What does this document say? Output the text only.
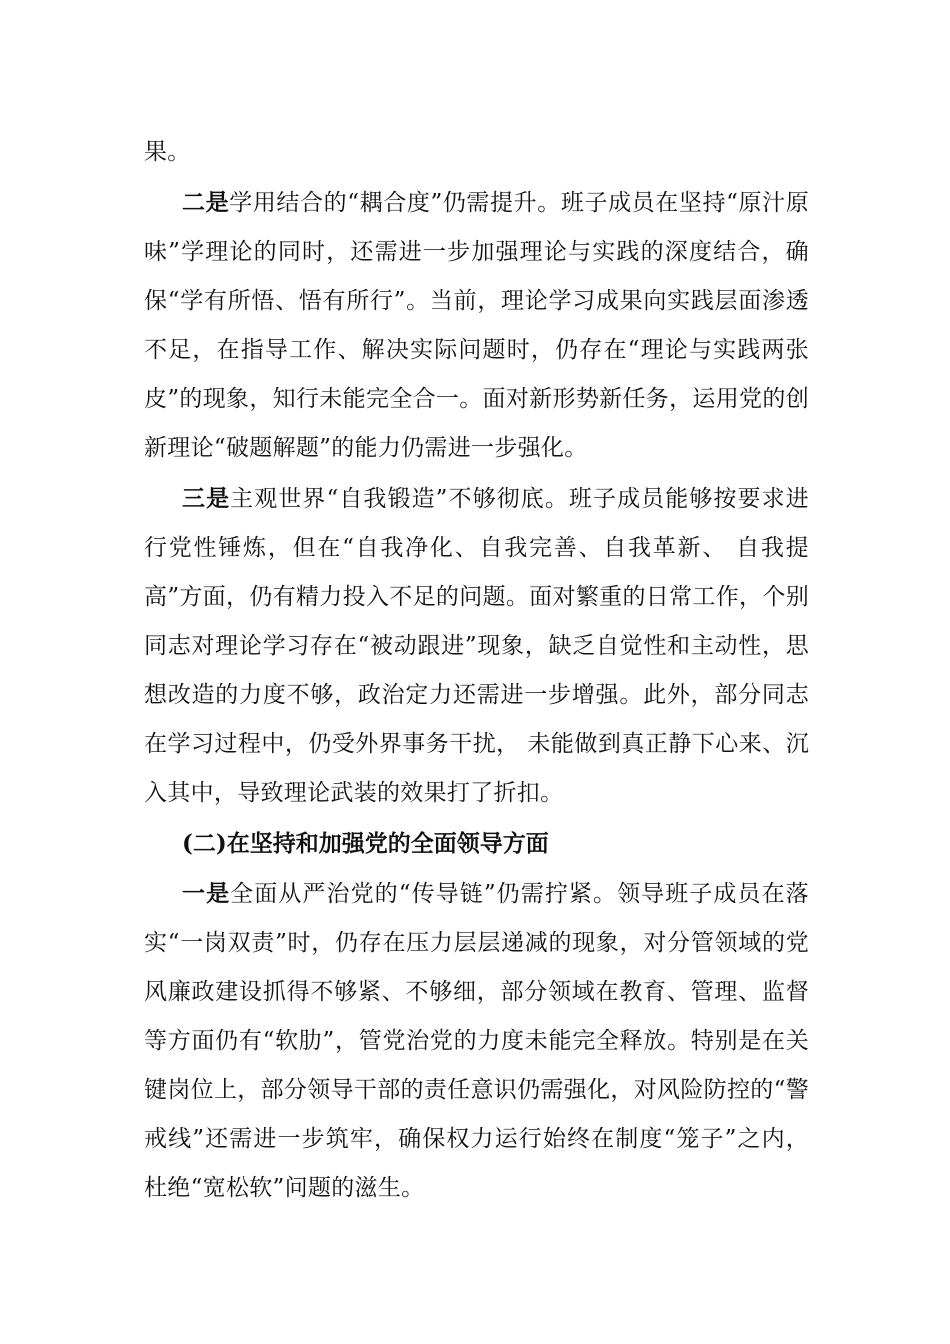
果。

二是学用结合的“耦合度”仍需提升。班子成员在坚持“原汁原味”学理论的同时，还需进一步加强理论与实践的深度结合，确保“学有所悟、悟有所行”。当前，理论学习成果向实践层面渗透不足，在指导工作、解决实际问题时，仍存在“理论与实践两张皮”的现象，知行未能完全合一。面对新形势新任务，运用党的创新理论“破题解题”的能力仍需进一步强化。

三是主观世界“自我锻造”不够彻底。班子成员能够按要求进行党性锤炼，但在“自我净化、自我完善、自我革新、 自我提高”方面，仍有精力投入不足的问题。面对繁重的日常工作，个别同志对理论学习存在“被动跟进”现象，缺乏自觉性和主动性，思想改造的力度不够，政治定力还需进一步增强。此外，部分同志在学习过程中，仍受外界事务干扰， 未能做到真正静下心来、沉入其中，导致理论武装的效果打了折扣。

(二)在坚持和加强党的全面领导方面

一是全面从严治党的“传导链”仍需拧紧。领导班子成员在落实“一岗双责”时，仍存在压力层层递减的现象，对分管领域的党风廉政建设抓得不够紧、不够细，部分领域在教育、管理、监督等方面仍有“软肋”，管党治党的力度未能完全释放。特别是在关键岗位上，部分领导干部的责任意识仍需强化，对风险防控的“警戒线”还需进一步筑牢，确保权力运行始终在制度“笼子”之内，杜绝“宽松软”问题的滋生。
